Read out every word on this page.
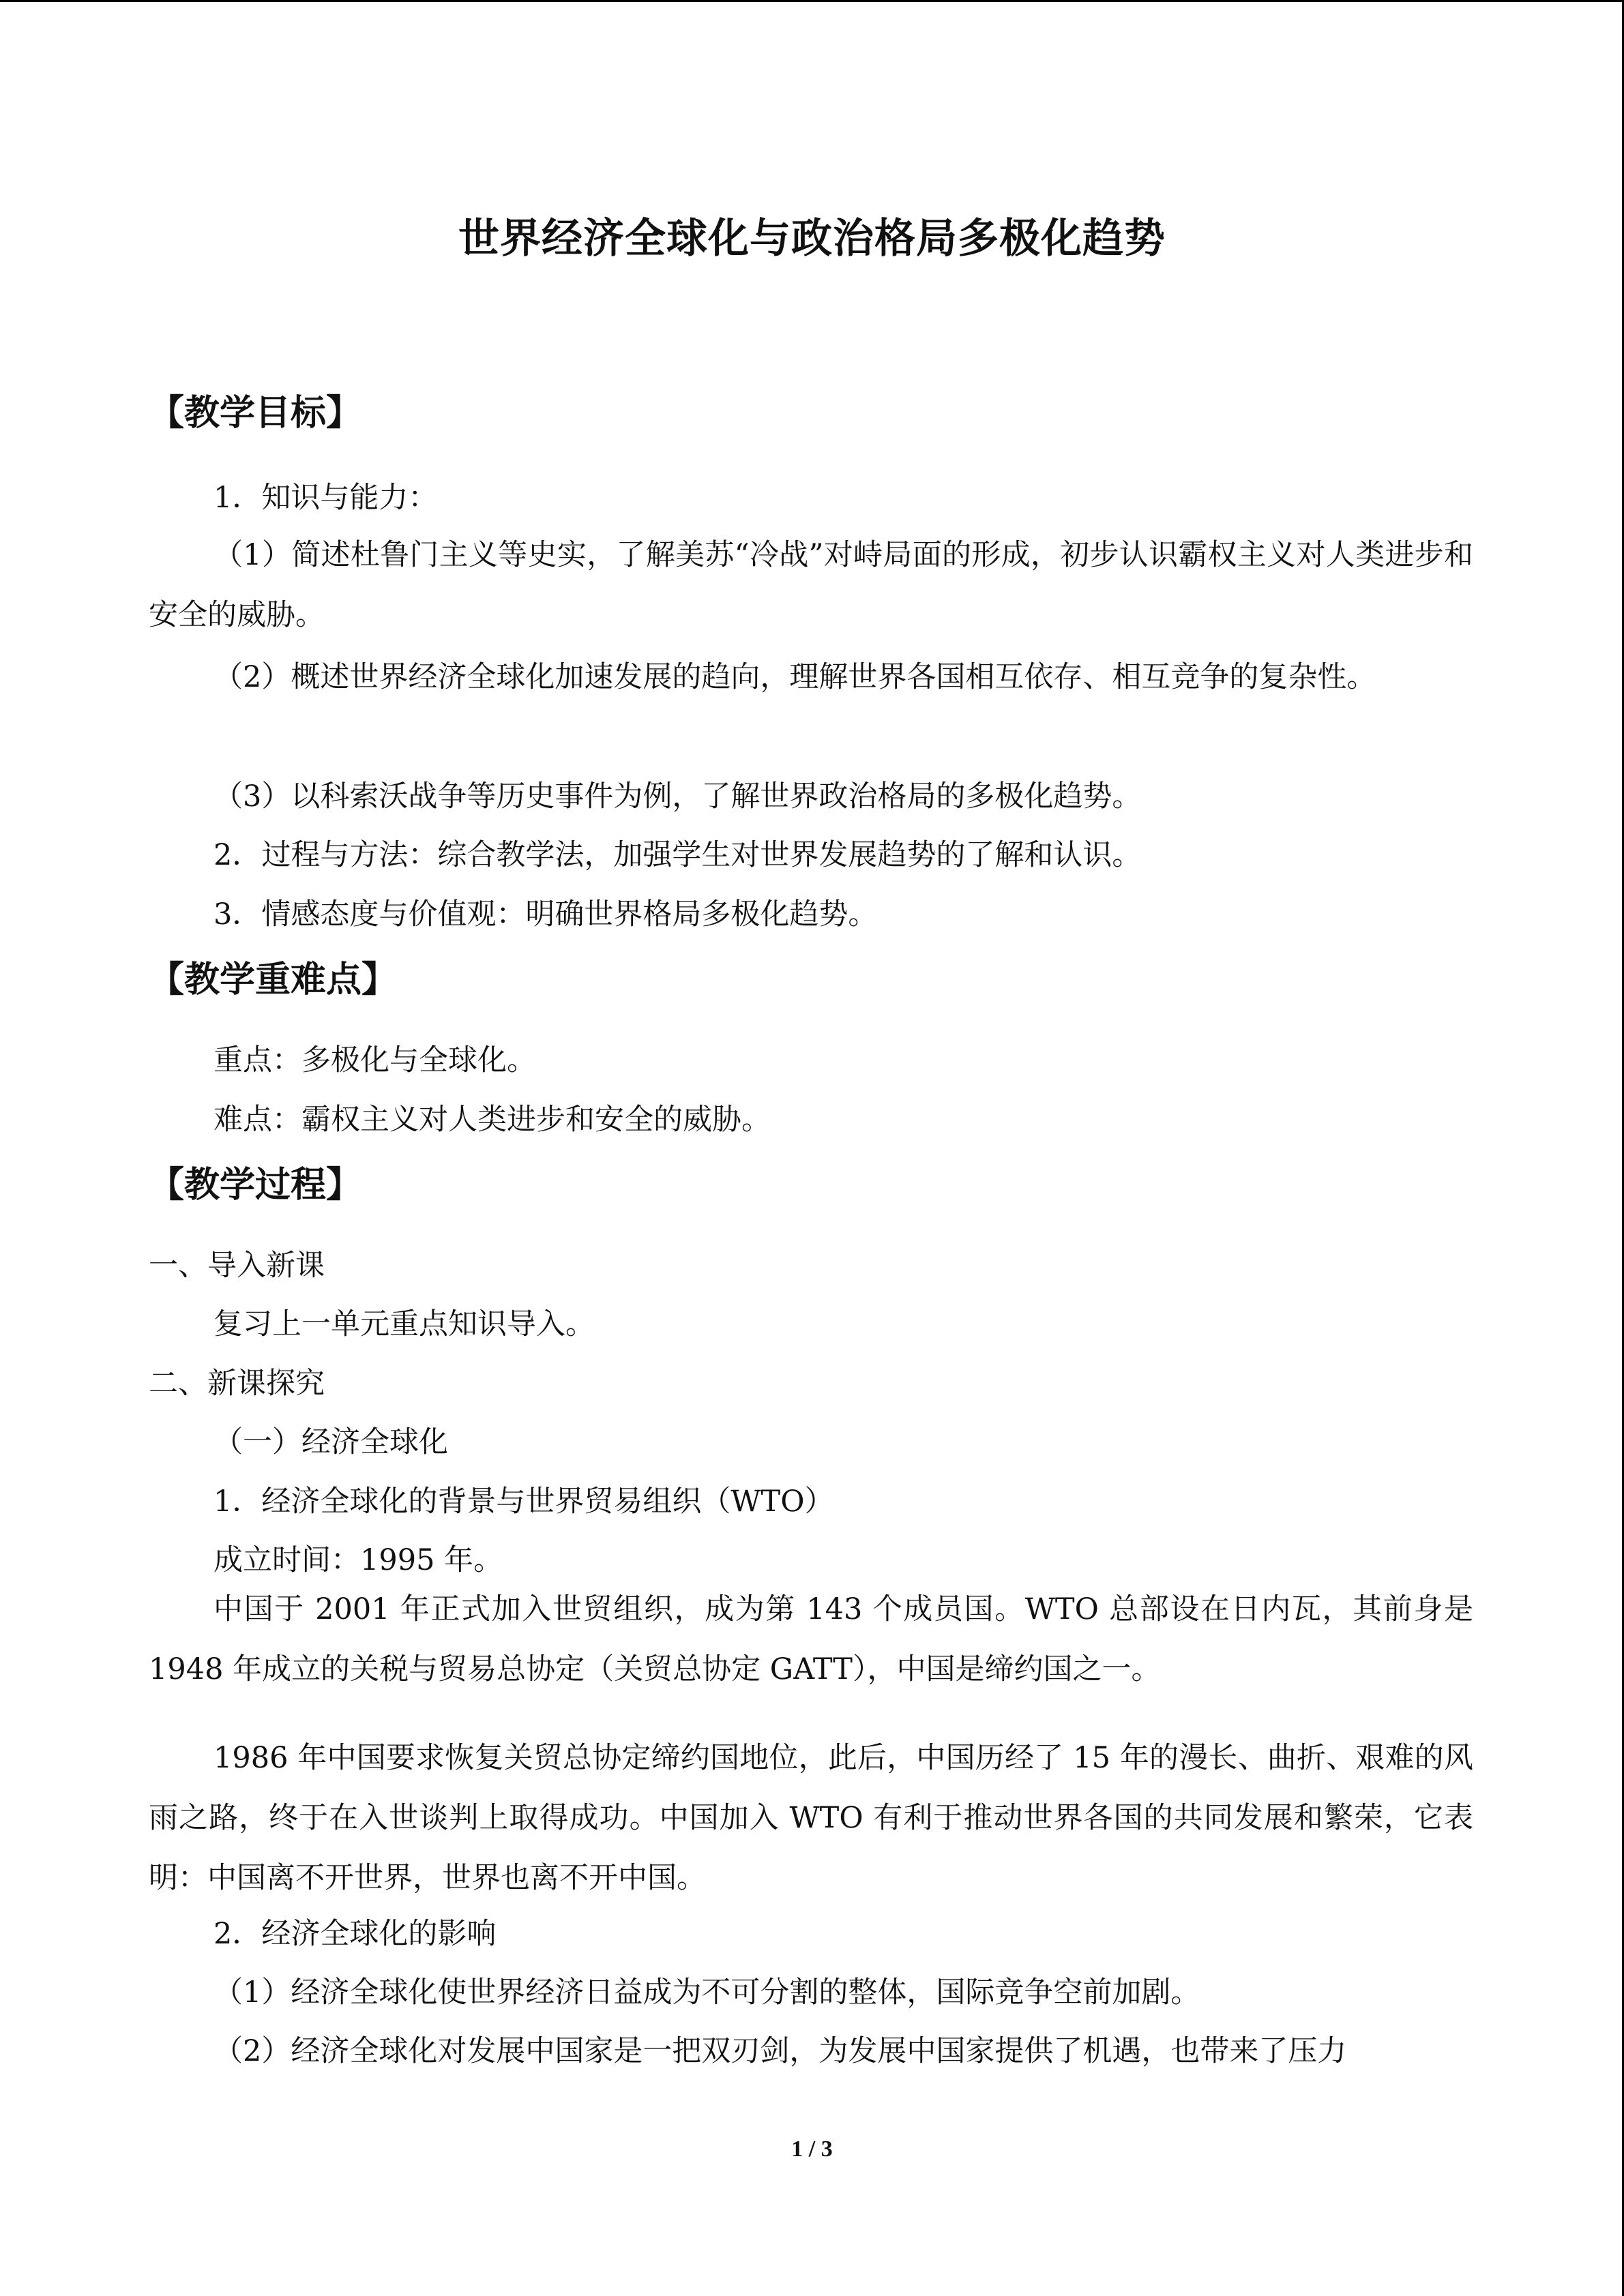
世界经济全球化与政治格局多极化趋势
【教学目标】
1．知识与能力：
（1）简述杜鲁门主义等史实，了解美苏“冷战”对峙局面的形成，初步认识霸权主义对人类进步和安全的威胁。
（2）概述世界经济全球化加速发展的趋向，理解世界各国相互依存、相互竞争的复杂性。
（3）以科索沃战争等历史事件为例，了解世界政治格局的多极化趋势。
2．过程与方法：综合教学法，加强学生对世界发展趋势的了解和认识。
3．情感态度与价值观：明确世界格局多极化趋势。
【教学重难点】
重点：多极化与全球化。
难点：霸权主义对人类进步和安全的威胁。
【教学过程】
一、导入新课
复习上一单元重点知识导入。
二、新课探究
（一）经济全球化
1．经济全球化的背景与世界贸易组织（WTO）
成立时间：1995 年。
中国于 2001 年正式加入世贸组织，成为第 143 个成员国。WTO 总部设在日内瓦，其前身是 1948 年成立的关税与贸易总协定（关贸总协定 GATT），中国是缔约国之一。
1986 年中国要求恢复关贸总协定缔约国地位，此后，中国历经了 15 年的漫长、曲折、艰难的风雨之路，终于在入世谈判上取得成功。中国加入 WTO 有利于推动世界各国的共同发展和繁荣，它表明：中国离不开世界，世界也离不开中国。
2．经济全球化的影响
（1）经济全球化使世界经济日益成为不可分割的整体，国际竞争空前加剧。
（2）经济全球化对发展中国家是一把双刃剑，为发展中国家提供了机遇，也带来了压力
1 / 3
